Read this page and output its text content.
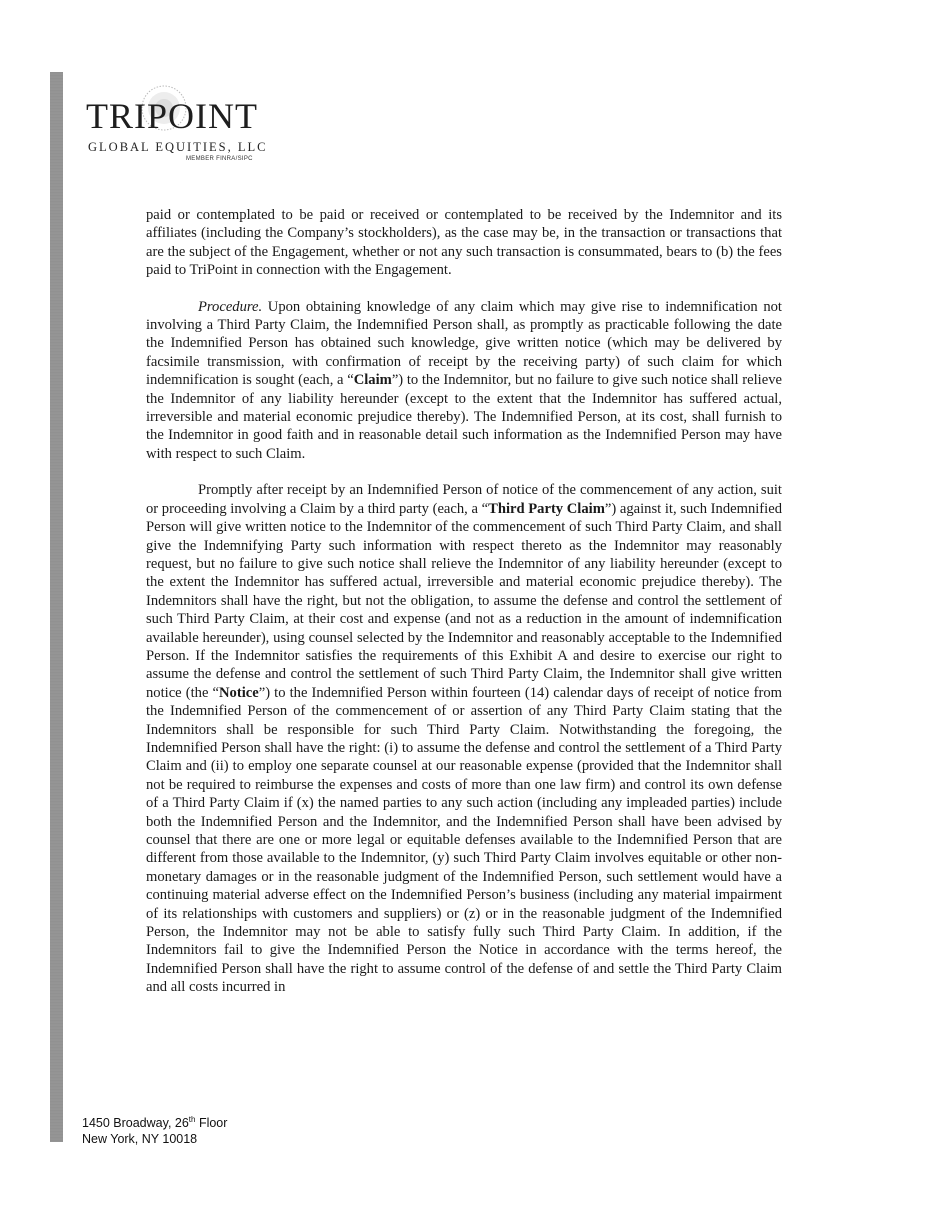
TRIPOINT
GLOBAL EQUITIES, LLC
MEMBER FINRA/SIPC

paid or contemplated to be paid or received or contemplated to be received by the Indemnitor and its affiliates (including the Company’s stockholders), as the case may be, in the transaction or transactions that are the subject of the Engagement, whether or not any such transaction is consummated, bears to (b) the fees paid to TriPoint in connection with the Engagement.

Procedure. Upon obtaining knowledge of any claim which may give rise to indemnification not involving a Third Party Claim, the Indemnified Person shall, as promptly as practicable following the date the Indemnified Person has obtained such knowledge, give written notice (which may be delivered by facsimile transmission, with confirmation of receipt by the receiving party) of such claim for which indemnification is sought (each, a “Claim”) to the Indemnitor, but no failure to give such notice shall relieve the Indemnitor of any liability hereunder (except to the extent that the Indemnitor has suffered actual, irreversible and material economic prejudice thereby). The Indemnified Person, at its cost, shall furnish to the Indemnitor in good faith and in reasonable detail such information as the Indemnified Person may have with respect to such Claim.

Promptly after receipt by an Indemnified Person of notice of the commencement of any action, suit or proceeding involving a Claim by a third party (each, a “Third Party Claim”) against it, such Indemnified Person will give written notice to the Indemnitor of the commencement of such Third Party Claim, and shall give the Indemnifying Party such information with respect thereto as the Indemnitor may reasonably request, but no failure to give such notice shall relieve the Indemnitor of any liability hereunder (except to the extent the Indemnitor has suffered actual, irreversible and material economic prejudice thereby). The Indemnitors shall have the right, but not the obligation, to assume the defense and control the settlement of such Third Party Claim, at their cost and expense (and not as a reduction in the amount of indemnification available hereunder), using counsel selected by the Indemnitor and reasonably acceptable to the Indemnified Person. If the Indemnitor satisfies the requirements of this Exhibit A and desire to exercise our right to assume the defense and control the settlement of such Third Party Claim, the Indemnitor shall give written notice (the “Notice”) to the Indemnified Person within fourteen (14) calendar days of receipt of notice from the Indemnified Person of the commencement of or assertion of any Third Party Claim stating that the Indemnitors shall be responsible for such Third Party Claim. Notwithstanding the foregoing, the Indemnified Person shall have the right: (i) to assume the defense and control the settlement of a Third Party Claim and (ii) to employ one separate counsel at our reasonable expense (provided that the Indemnitor shall not be required to reimburse the expenses and costs of more than one law firm) and control its own defense of a Third Party Claim if (x) the named parties to any such action (including any impleaded parties) include both the Indemnified Person and the Indemnitor, and the Indemnified Person shall have been advised by counsel that there are one or more legal or equitable defenses available to the Indemnified Person that are different from those available to the Indemnitor, (y) such Third Party Claim involves equitable or other non-monetary damages or in the reasonable judgment of the Indemnified Person, such settlement would have a continuing material adverse effect on the Indemnified Person’s business (including any material impairment of its relationships with customers and suppliers) or (z) or in the reasonable judgment of the Indemnified Person, the Indemnitor may not be able to satisfy fully such Third Party Claim. In addition, if the Indemnitors fail to give the Indemnified Person the Notice in accordance with the terms hereof, the Indemnified Person shall have the right to assume control of the defense of and settle the Third Party Claim and all costs incurred in

1450 Broadway, 26th Floor
New York, NY 10018
